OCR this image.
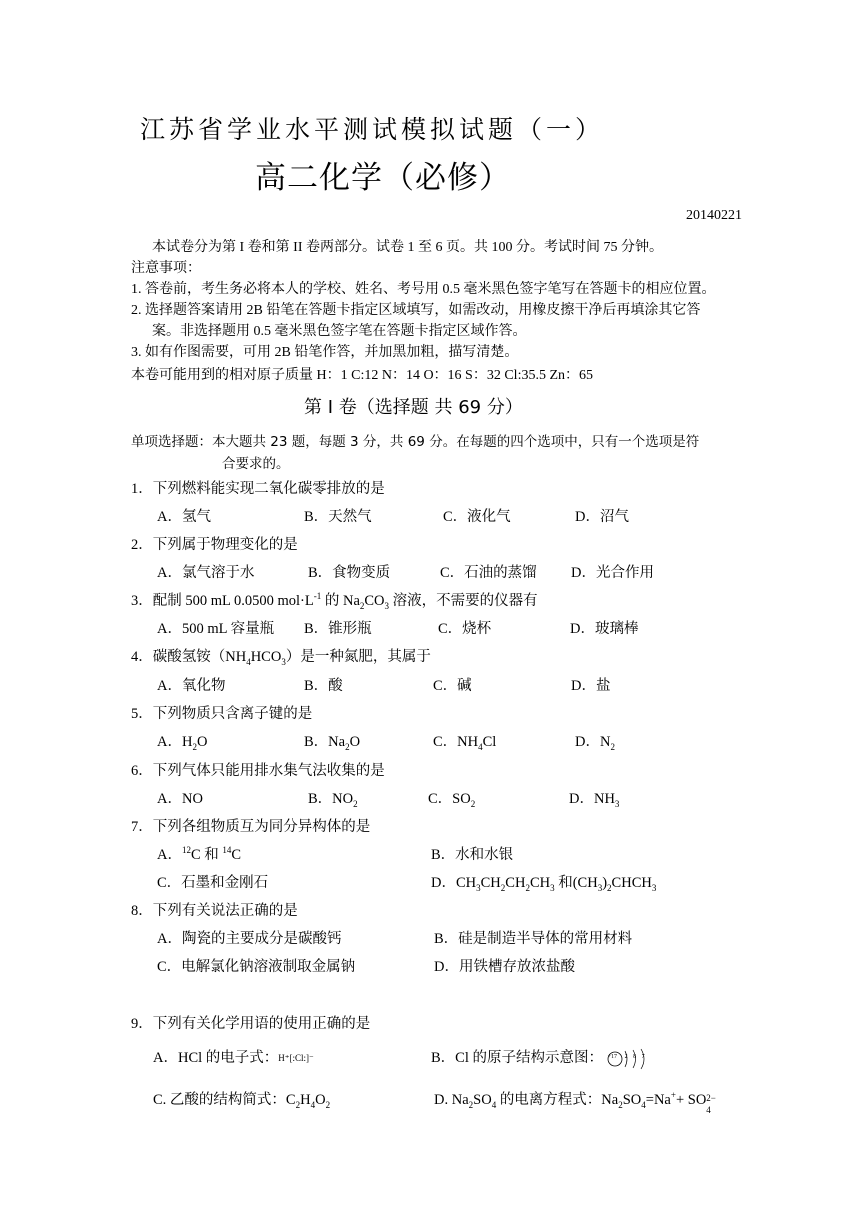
江苏省学业水平测试模拟试题（一）
高二化学（必修）
20140221
本试卷分为第 I 卷和第 II 卷两部分。试卷 1 至 6 页。共 100 分。考试时间 75 分钟。
注意事项：
1. 答卷前，考生务必将本人的学校、姓名、考号用 0.5 毫米黑色签字笔写在答题卡的相应位置。
2. 选择题答案请用 2B 铅笔在答题卡指定区域填写，如需改动，用橡皮擦干净后再填涂其它答
案。非选择题用 0.5 毫米黑色签字笔在答题卡指定区域作答。
3. 如有作图需要，可用 2B 铅笔作答，并加黑加粗，描写清楚。
本卷可能用到的相对原子质量 H：1 C:12 N：14 O：16 S：32 Cl:35.5 Zn：65
第 I 卷（选择题 共 69 分）
单项选择题：本大题共 23 题，每题 3 分，共 69 分。在每题的四个选项中，只有一个选项是符
合要求的。
1．下列燃料能实现二氧化碳零排放的是
A．氢气	B．天然气	C．液化气	D．沼气
2．下列属于物理变化的是
A．氯气溶于水	B．食物变质	C．石油的蒸馏 D．光合作用
3．配制 500 mL 0.0500 $mol\cdot L^{-1}$ 的 $Na_2CO_3$ 溶液，不需要的仪器有
A．500 mL 容量瓶 B．锥形瓶	C．烧杯	D．玻璃棒
4．碳酸氢铵$(NH_4HCO_3)$是一种氮肥，其属于
A．氧化物	B．酸	C．碱	D．盐
5．下列物质只含离子键的是
A．$H_2O$	B．$Na_2O$	C．$NH_4Cl$	D．$N_2$
6．下列气体只能用排水集气法收集的是
A．NO	B．$NO_2$	C．$SO_2$	D．$NH_3$
7．下列各组物质互为同分异构体的是
A．$^{12}$C 和 $^{14}$C	B．水和水银
C．石墨和金刚石	D．$CH_3CH_2CH_2CH_3$ 和$(CH_3)_2CHCH_3$
8．下列有关说法正确的是
A．陶瓷的主要成分是碳酸钙	B．硅是制造半导体的常用材料
C．电解氯化钠溶液制取金属钠	D．用铁槽存放浓盐酸
9．下列有关化学用语的使用正确的是
A．HCl 的电子式：H⁺[:Cl:]⁻	B．Cl 的原子结构示意图： +17 2 8 7
C. 乙酸的结构简式：$C_2H_4O_2$	D. $Na_2SO_4$ 的电离方程式：$Na_2SO_4=Na^++$ SO 2−
4
